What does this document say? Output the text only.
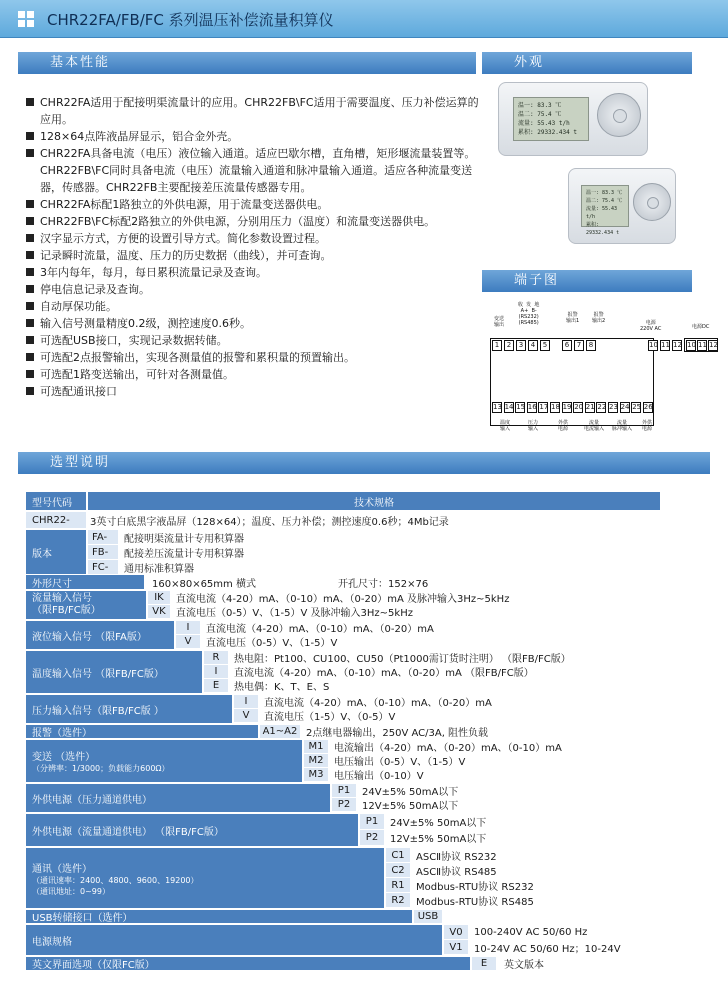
CHR22FA/FB/FC 系列温压补偿流量积算仪
基本性能	外观
端子图
选型说明
CHR22FA适用于配接明渠流量计的应用。CHR22FB\FC适用于需要温度、压力补偿运算的应用。
128×64点阵液晶屏显示，铝合金外壳。
CHR22FA具备电流（电压）液位输入通道。适应巴歇尔槽，直角槽，矩形堰流量装置等。CHR22FB\FC同时具备电流（电压）流量输入通道和脉冲量输入通道。适应各种流量变送器，传感器。CHR22FB主要配接差压流量传感器专用。
CHR22FA标配1路独立的外供电源，用于流量变送器供电。
CHR22FB\FC标配2路独立的外供电源，分别用压力（温度）和流量变送器供电。
汉字显示方式，方便的设置引导方式。简化参数设置过程。
记录瞬时流量，温度、压力的历史数据（曲线），并可查询。
3年内每年，每月，每日累积流量记录及查询。
停电信息记录及查询。
自动厚保功能。
输入信号测量精度0.2级，测控速度0.6秒。
可选配USB接口，实现记录数据转储。
可选配2点报警输出，实现各测量值的报警和累积量的预置输出。
可选配1路变送输出，可针对各测量值。
可选配通讯接口
温一: 83.3 ℃
温二: 75.4 ℃
流量: 55.43 t/h
累积: 29332.434 t
温一: 83.3 ℃
温二: 75.4 ℃
流量: 55.43 t/h
累积: 29332.434 t
变送
输出
收  发  地
A+  B-
(RS232)
(RS485)
报警
输出1
报警
输出2	电源
220V AC	电源DC
1	2	3	4	5	6	7	8	10 11 12 10 11 12
13 14 15 16 17 18 19 20 21 22 23 24 25 26
温度
输入
压力
输入
外供
电源
流量
电流输入
流量
脉冲输入
外供
电源
型号代码	技术规格
CHR22-	3英寸白底黑字液晶屏（128×64）；温度、压力补偿；测控速度0.6秒；4Mb记录
版本
FA-	配接明渠流量计专用积算器
FB-	配接差压流量计专用积算器
FC-	通用标准积算器
外形尺寸	160×80×65mm 横式	开孔尺寸：152×76
流量输入信号
（限FB/FC版）
IK	直流电流（4-20）mA、（0-10）mA、（0-20）mA 及脉冲输入3Hz~5kHz
VK	直流电压（0-5）V、（1-5）V 及脉冲输入3Hz~5kHz
液位输入信号 （限FA版）
I	直流电流（4-20）mA、（0-10）mA、（0-20）mA
V	直流电压（0-5）V、（1-5）V
温度输入信号 （限FB/FC版）
R	热电阻：Pt100、CU100、CU50（Pt1000需订货时注明） （限FB/FC版）
I	直流电流（4-20）mA、（0-10）mA、（0-20）mA （限FB/FC版）
E	热电偶：K、T、E、S
压力输入信号（限FB/FC版 ）
I	直流电流（4-20）mA、（0-10）mA、（0-20）mA
V	直流电压（1-5）V、（0-5）V
报警（选件）	A1~A2 2点继电器输出，250V AC/3A, 阻性负载
变送 （选件）
（分辨率：1/3000；负载能力600Ω）
M1	电流输出（4-20）mA、（0-20）mA、（0-10）mA
M2	电压输出（0-5）V、（1-5）V
M3	电压输出（0-10）V
外供电源（压力通道供电）
P1	24V±5% 50mA以下
P2	12V±5% 50mA以下
外供电源（流量通道供电） （限FB/FC版）
P1	24V±5% 50mA以下
P2	12V±5% 50mA以下
通讯（选件）
（通讯速率：2400、4800、9600、19200）
（通讯地址：0~99）
C1	ASCⅡ协议 RS232
C2	ASCⅡ协议 RS485
R1	Modbus-RTU协议 RS232
R2	Modbus-RTU协议 RS485
USB转储接口（选件）	USB
电源规格
V0	100-240V AC 50/60 Hz
V1	10-24V AC 50/60 Hz；10-24V
英文界面选项（仅限FC版）	E	英文版本
